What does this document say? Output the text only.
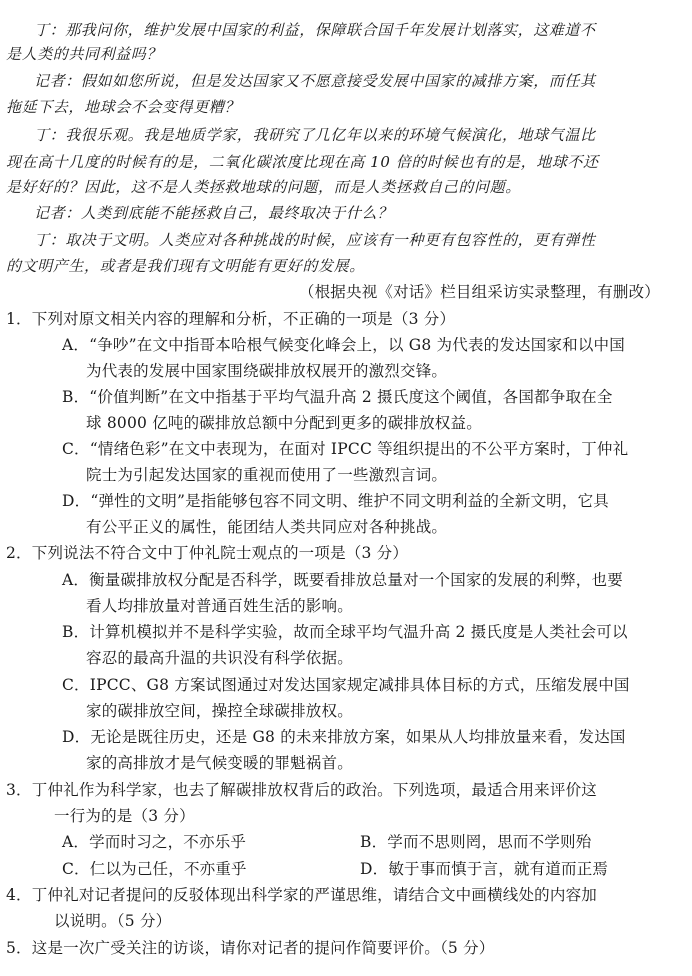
丁：那我问你，维护发展中国家的利益，保障联合国千年发展计划落实，这难道不
是人类的共同利益吗？
记者：假如如您所说，但是发达国家又不愿意接受发展中国家的减排方案，而任其
拖延下去，地球会不会变得更糟？
丁：我很乐观。我是地质学家，我研究了几亿年以来的环境气候演化，地球气温比
现在高十几度的时候有的是，二氧化碳浓度比现在高 10 倍的时候也有的是，地球不还
是好好的？因此，这不是人类拯救地球的问题，而是人类拯救自己的问题。
记者：人类到底能不能拯救自己，最终取决于什么？
丁：取决于文明。人类应对各种挑战的时候，应该有一种更有包容性的，更有弹性
的文明产生，或者是我们现有文明能有更好的发展。
（根据央视《对话》栏目组采访实录整理，有删改）
1．下列对原文相关内容的理解和分析，不正确的一项是（3 分）
A．“争吵”在文中指哥本哈根气候变化峰会上，以 G8 为代表的发达国家和以中国
为代表的发展中国家围绕碳排放权展开的激烈交锋。
B．“价值判断”在文中指基于平均气温升高 2 摄氏度这个阈值，各国都争取在全
球 8000 亿吨的碳排放总额中分配到更多的碳排放权益。
C．“情绪色彩”在文中表现为，在面对 IPCC 等组织提出的不公平方案时，丁仲礼
院士为引起发达国家的重视而使用了一些激烈言词。
D．“弹性的文明”是指能够包容不同文明、维护不同文明利益的全新文明，它具
有公平正义的属性，能团结人类共同应对各种挑战。
2．下列说法不符合文中丁仲礼院士观点的一项是（3 分）
A．衡量碳排放权分配是否科学，既要看排放总量对一个国家的发展的利弊，也要
看人均排放量对普通百姓生活的影响。
B．计算机模拟并不是科学实验，故而全球平均气温升高 2 摄氏度是人类社会可以
容忍的最高升温的共识没有科学依据。
C．IPCC、G8 方案试图通过对发达国家规定减排具体目标的方式，压缩发展中国
家的碳排放空间，操控全球碳排放权。
D．无论是既往历史，还是 G8 的未来排放方案，如果从人均排放量来看，发达国
家的高排放才是气候变暖的罪魁祸首。
3．丁仲礼作为科学家，也去了解碳排放权背后的政治。下列选项，最适合用来评价这
一行为的是（3 分）
A．学而时习之，不亦乐乎	B．学而不思则罔，思而不学则殆
C．仁以为己任，不亦重乎	D．敏于事而慎于言，就有道而正焉
4．丁仲礼对记者提问的反驳体现出科学家的严谨思维，请结合文中画横线处的内容加
以说明。（5 分）
5．这是一次广受关注的访谈，请你对记者的提问作简要评价。（5 分）
